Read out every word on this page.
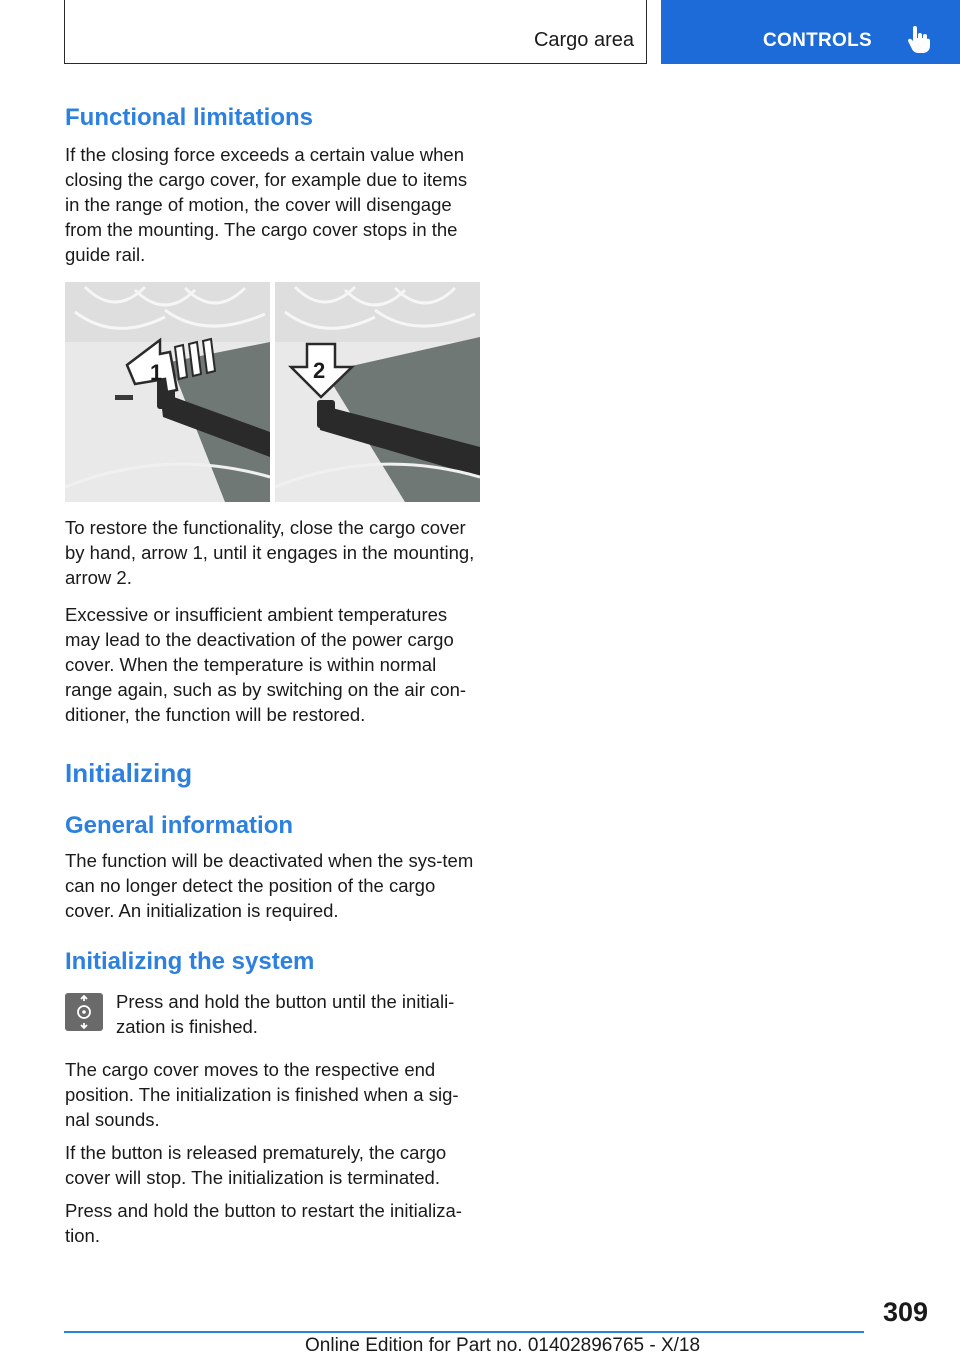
Cargo area	CONTROLS
Functional limitations

If the closing force exceeds a certain value when closing the cargo cover, for example due to items in the range of motion, the cover will disengage from the mounting. The cargo cover stops in the guide rail.

1	2

To restore the functionality, close the cargo cover by hand, arrow 1, until it engages in the mounting, arrow 2.

Excessive or insufficient ambient temperatures may lead to the deactivation of the power cargo cover. When the temperature is within normal range again, such as by switching on the air con-ditioner, the function will be restored.

Initializing
General information

The function will be deactivated when the sys-tem can no longer detect the position of the cargo cover. An initialization is required.

Initializing the system

Press and hold the button until the initiali-zation is finished.

The cargo cover moves to the respective end position. The initialization is finished when a sig-nal sounds.

If the button is released prematurely, the cargo cover will stop. The initialization is terminated.

Press and hold the button to restart the initializa-tion.

309
Online Edition for Part no. 01402896765 - X/18
